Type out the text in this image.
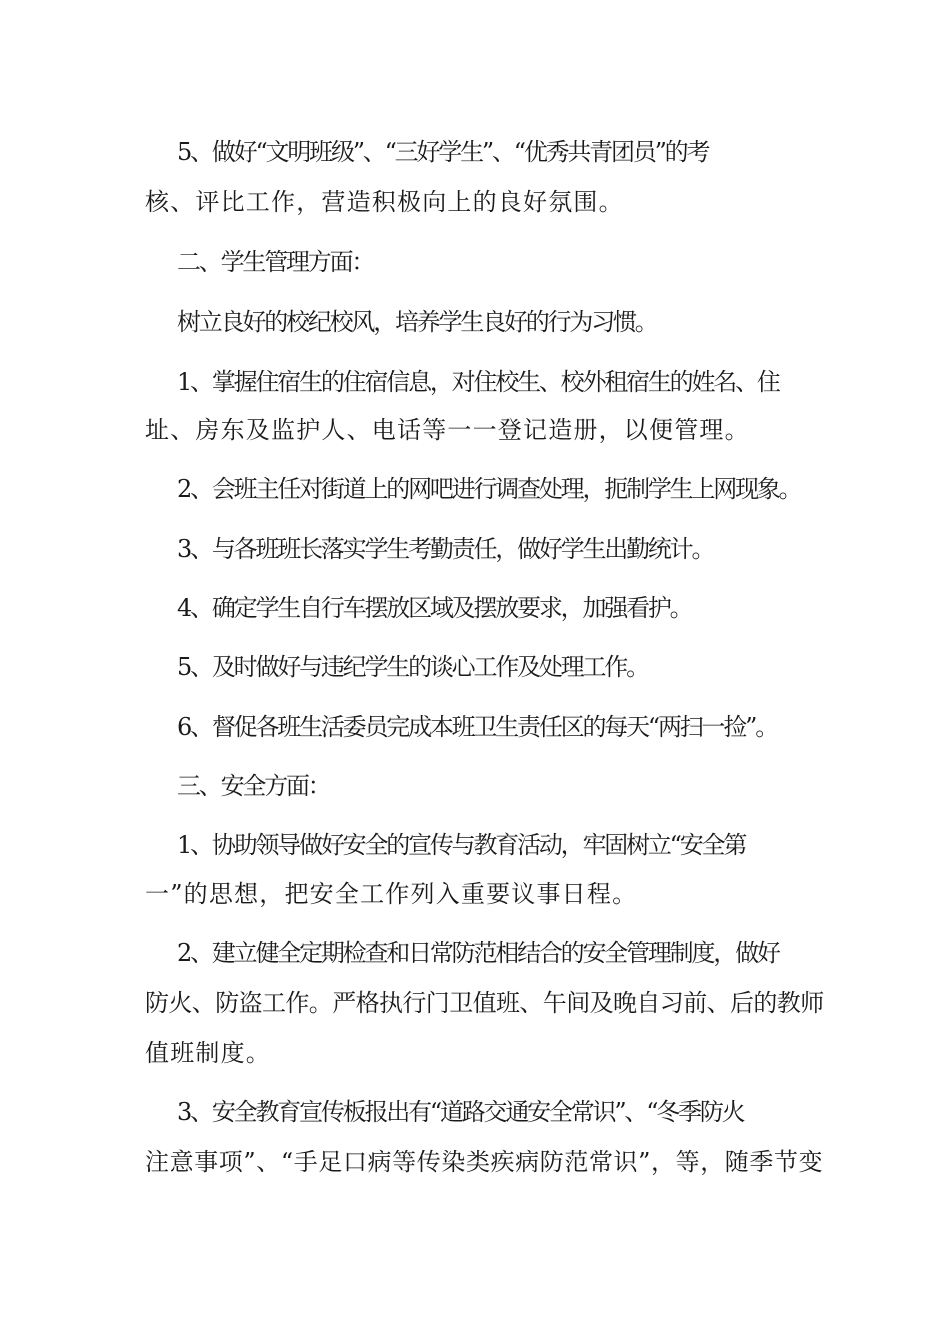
5、做好“文明班级”、“三好学生”、“优秀共青团员”的考
核、评比工作，营造积极向上的良好氛围。
二、学生管理方面：
树立良好的校纪校风，培养学生良好的行为习惯。
1、掌握住宿生的住宿信息，对住校生、校外租宿生的姓名、住
址、房东及监护人、电话等一一登记造册，以便管理。
2、会班主任对街道上的网吧进行调查处理，扼制学生上网现象。
3、与各班班长落实学生考勤责任，做好学生出勤统计。
4、确定学生自行车摆放区域及摆放要求，加强看护。
5、及时做好与违纪学生的谈心工作及处理工作。
6、督促各班生活委员完成本班卫生责任区的每天“两扫一捡”。
三、安全方面：
1、协助领导做好安全的宣传与教育活动，牢固树立“安全第
一”的思想，把安全工作列入重要议事日程。
2、建立健全定期检查和日常防范相结合的安全管理制度，做好
防火、防盗工作。严格执行门卫值班、午间及晚自习前、后的教师
值班制度。
3、安全教育宣传板报出有“道路交通安全常识”、“冬季防火
注意事项”、“手足口病等传染类疾病防范常识”，等，随季节变
